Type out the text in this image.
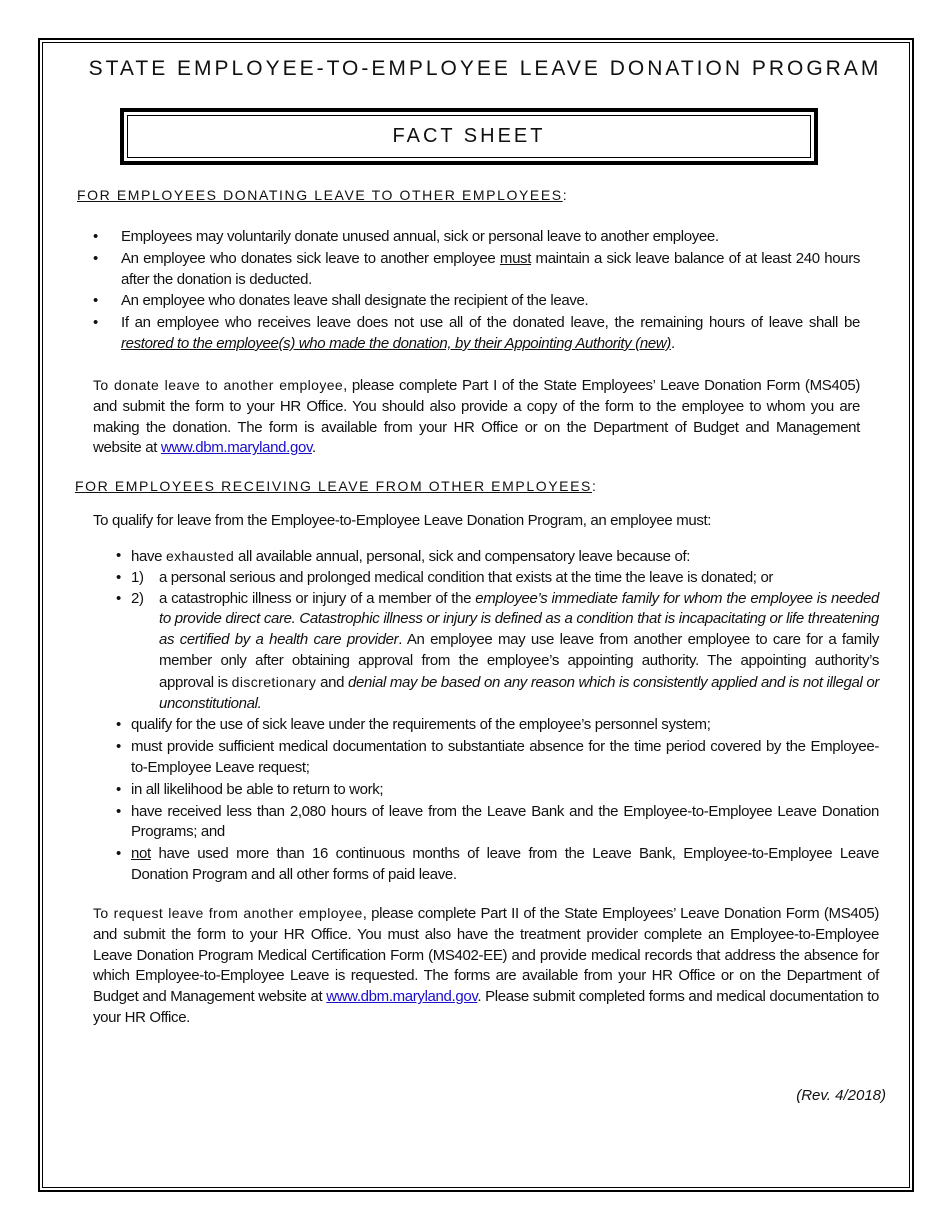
STATE EMPLOYEE-TO-EMPLOYEE LEAVE DONATION PROGRAM
FACT SHEET
FOR EMPLOYEES DONATING LEAVE TO OTHER EMPLOYEES:
• Employees may voluntarily donate unused annual, sick or personal leave to another employee.
• An employee who donates sick leave to another employee must maintain a sick leave balance of at least 240 hours after the donation is deducted.
• An employee who donates leave shall designate the recipient of the leave.
• If an employee who receives leave does not use all of the donated leave, the remaining hours of leave shall be restored to the employee(s) who made the donation, by their Appointing Authority (new).

To donate leave to another employee, please complete Part I of the State Employees’ Leave Donation Form (MS405) and submit the form to your HR Office. You should also provide a copy of the form to the employee to whom you are making the donation. The form is available from your HR Office or on the Department of Budget and Management website at www.dbm.maryland.gov.

FOR EMPLOYEES RECEIVING LEAVE FROM OTHER EMPLOYEES:

To qualify for leave from the Employee-to-Employee Leave Donation Program, an employee must:

• have exhausted all available annual, personal, sick and compensatory leave because of:
• 1) a personal serious and prolonged medical condition that exists at the time the leave is donated; or
• 2) a catastrophic illness or injury of a member of the employee’s immediate family for whom the employee is needed to provide direct care. Catastrophic illness or injury is defined as a condition that is incapacitating or life threatening as certified by a health care provider. An employee may use leave from another employee to care for a family member only after obtaining approval from the employee’s appointing authority. The appointing authority’s approval is discretionary and denial may be based on any reason which is consistently applied and is not illegal or unconstitutional.
• qualify for the use of sick leave under the requirements of the employee’s personnel system;
• must provide sufficient medical documentation to substantiate absence for the time period covered by the Employee-to-Employee Leave request;
• in all likelihood be able to return to work;
• have received less than 2,080 hours of leave from the Leave Bank and the Employee-to-Employee Leave Donation Programs; and
• not have used more than 16 continuous months of leave from the Leave Bank, Employee-to-Employee Leave Donation Program and all other forms of paid leave.

To request leave from another employee, please complete Part II of the State Employees’ Leave Donation Form (MS405) and submit the form to your HR Office. You must also have the treatment provider complete an Employee-to-Employee Leave Donation Program Medical Certification Form (MS402-EE) and provide medical records that address the absence for which Employee-to-Employee Leave is requested. The forms are available from your HR Office or on the Department of Budget and Management website at www.dbm.maryland.gov. Please submit completed forms and medical documentation to your HR Office.

(Rev. 4/2018)
